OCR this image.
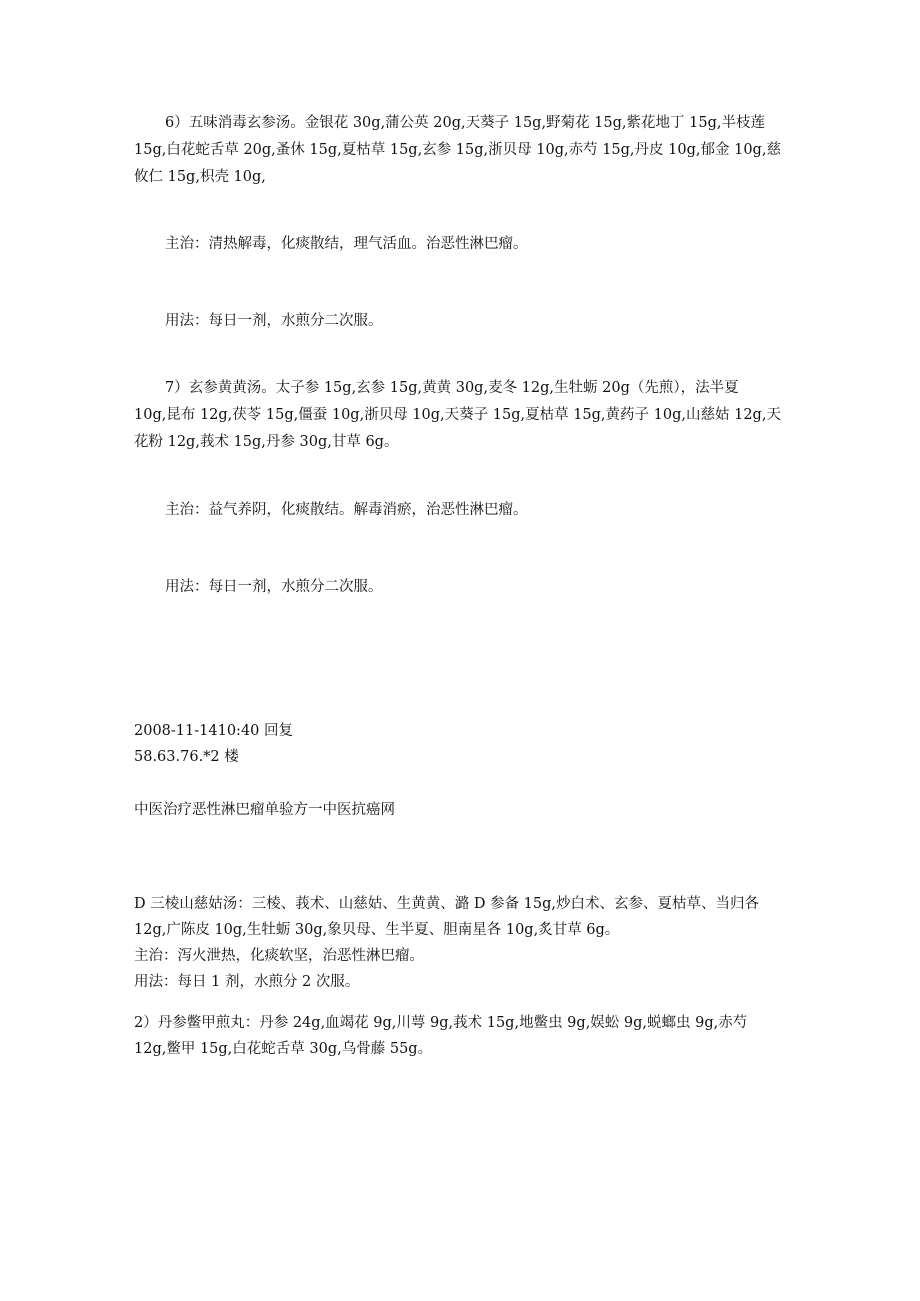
6）五味消毒玄参汤。金银花 30g,蒲公英 20g,天葵子 15g,野菊花 15g,紫花地丁 15g,半枝莲
15g,白花蛇舌草 20g,蚤休 15g,夏枯草 15g,玄参 15g,浙贝母 10g,赤芍 15g,丹皮 10g,郁金 10g,慈
攸仁 15g,枳壳 10g,

主治：清热解毒，化痰散结，理气活血。治恶性淋巴瘤。

用法：每日一剂，水煎分二次服。

7）玄参黄黄汤。太子参 15g,玄参 15g,黄黄 30g,麦冬 12g,生牡蛎 20g（先煎），法半夏
10g,昆布 12g,茯苓 15g,僵蚕 10g,浙贝母 10g,天葵子 15g,夏枯草 15g,黄药子 10g,山慈姑 12g,天
花粉 12g,莪术 15g,丹参 30g,甘草 6g。

主治：益气养阴，化痰散结。解毒消瘀，治恶性淋巴瘤。

用法：每日一剂，水煎分二次服。

2008-11-1410:40 回复

58.63.76.*2 楼

中医治疗恶性淋巴瘤单验方一中医抗癌网

D 三棱山慈姑汤：三棱、莪术、山慈姑、生黄黄、潞 D 参备 15g,炒白术、玄参、夏枯草、当归各
12g,广陈皮 10g,生牡蛎 30g,象贝母、生半夏、胆南星各 10g,炙甘草 6g。
主治：泻火泄热，化痰软坚，治恶性淋巴瘤。
用法：每日 1 剂，水煎分 2 次服。
2）丹参鳖甲煎丸：丹参 24g,血竭花 9g,川萼 9g,莪术 15g,地鳖虫 9g,娱蚣 9g,蜕螂虫 9g,赤芍
12g,鳖甲 15g,白花蛇舌草 30g,乌骨藤 55g。
